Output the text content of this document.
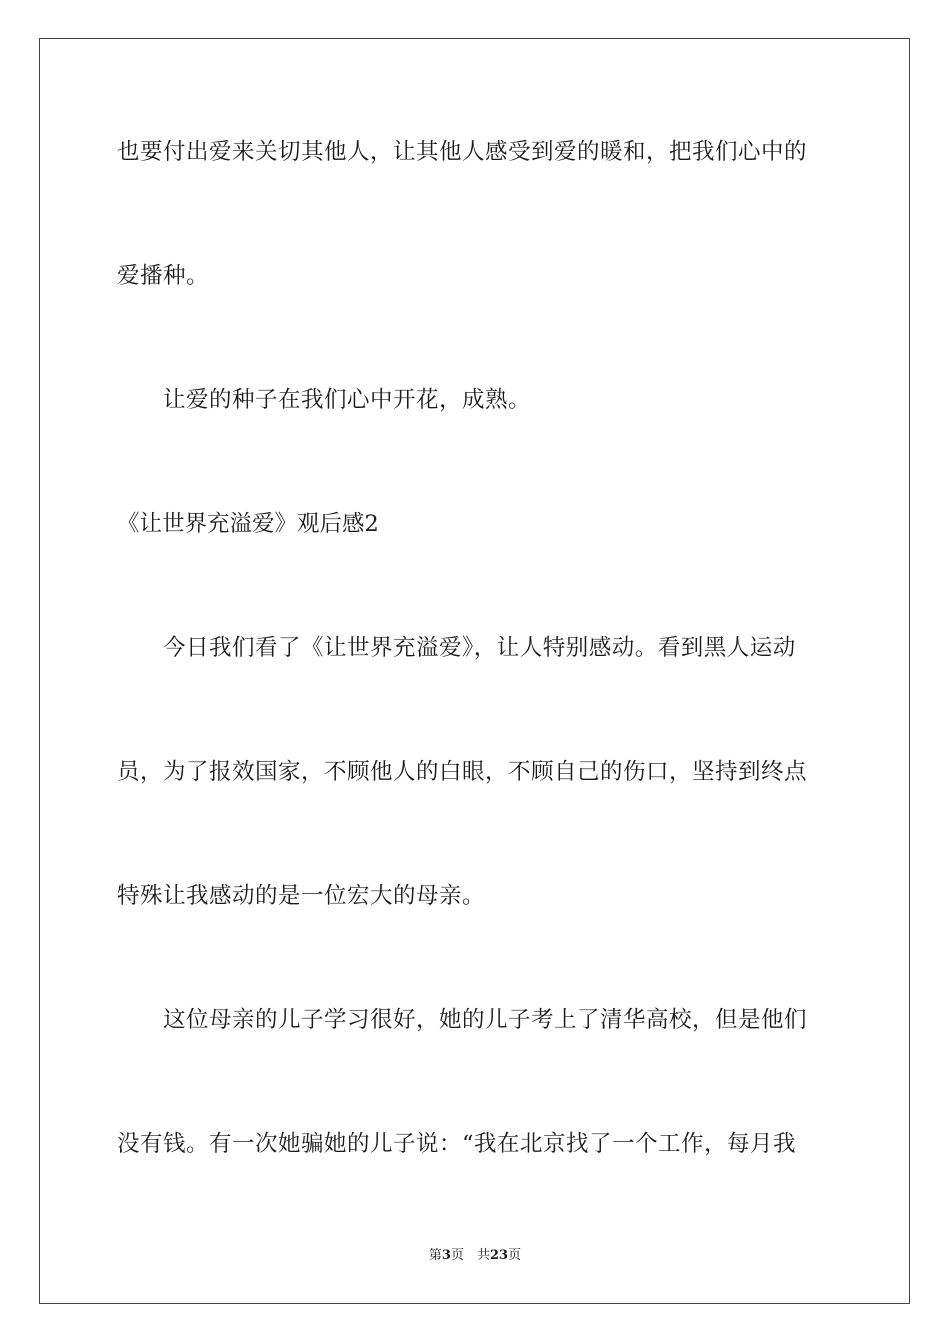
也要付出爱来关切其他人，让其他人感受到爱的暖和，把我们心中的
爱播种。
让爱的种子在我们心中开花，成熟。
《让世界充溢爱》观后感2
今日我们看了《让世界充溢爱》，让人特别感动。看到黑人运动
员，为了报效国家，不顾他人的白眼，不顾自己的伤口，坚持到终点
特殊让我感动的是一位宏大的母亲。
这位母亲的儿子学习很好，她的儿子考上了清华高校，但是他们
没有钱。有一次她骗她的儿子说：“我在北京找了一个工作，每月我
第3页　共23页
